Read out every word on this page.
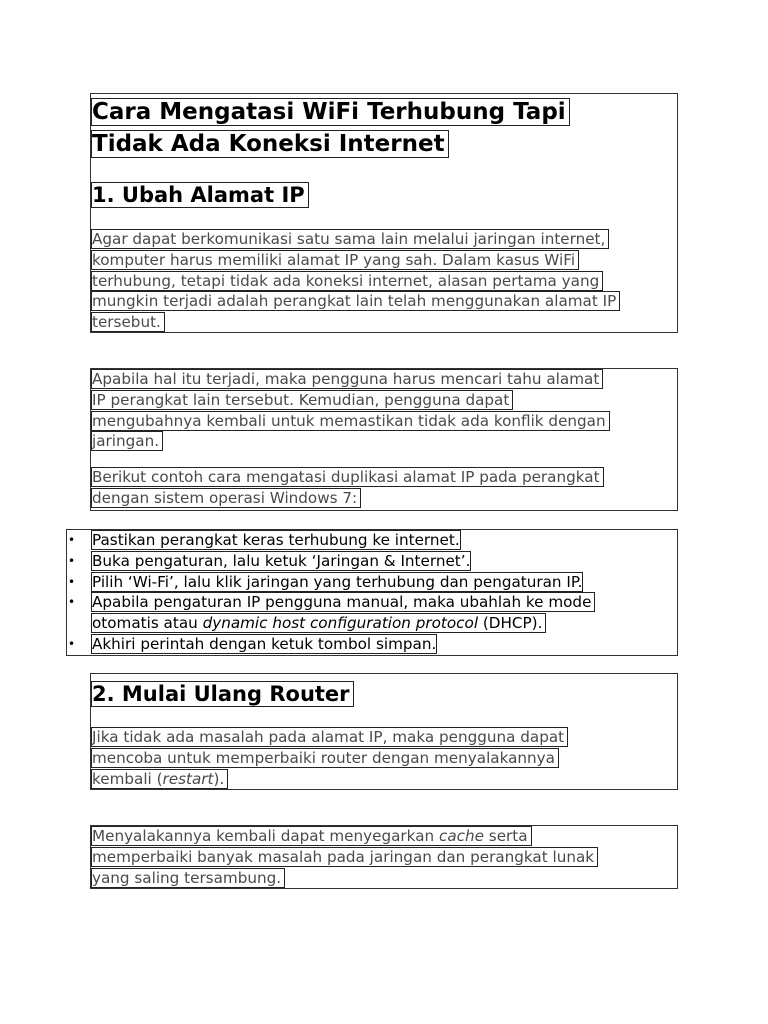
Cara Mengatasi WiFi Terhubung Tapi
Tidak Ada Koneksi Internet
1. Ubah Alamat IP
Agar dapat berkomunikasi satu sama lain melalui jaringan internet,
komputer harus memiliki alamat IP yang sah. Dalam kasus WiFi
terhubung, tetapi tidak ada koneksi internet, alasan pertama yang
mungkin terjadi adalah perangkat lain telah menggunakan alamat IP
tersebut.
Apabila hal itu terjadi, maka pengguna harus mencari tahu alamat
IP perangkat lain tersebut. Kemudian, pengguna dapat
mengubahnya kembali untuk memastikan tidak ada konflik dengan
jaringan.
Berikut contoh cara mengatasi duplikasi alamat IP pada perangkat
dengan sistem operasi Windows 7:
• Pastikan perangkat keras terhubung ke internet.
• Buka pengaturan, lalu ketuk ‘Jaringan & Internet’.
• Pilih ‘Wi-Fi’, lalu klik jaringan yang terhubung dan pengaturan IP.
• Apabila pengaturan IP pengguna manual, maka ubahlah ke mode
otomatis atau dynamic host configuration protocol (DHCP).
• Akhiri perintah dengan ketuk tombol simpan.
2. Mulai Ulang Router
Jika tidak ada masalah pada alamat IP, maka pengguna dapat
mencoba untuk memperbaiki router dengan menyalakannya
kembali (restart).
Menyalakannya kembali dapat menyegarkan cache serta
memperbaiki banyak masalah pada jaringan dan perangkat lunak
yang saling tersambung.
